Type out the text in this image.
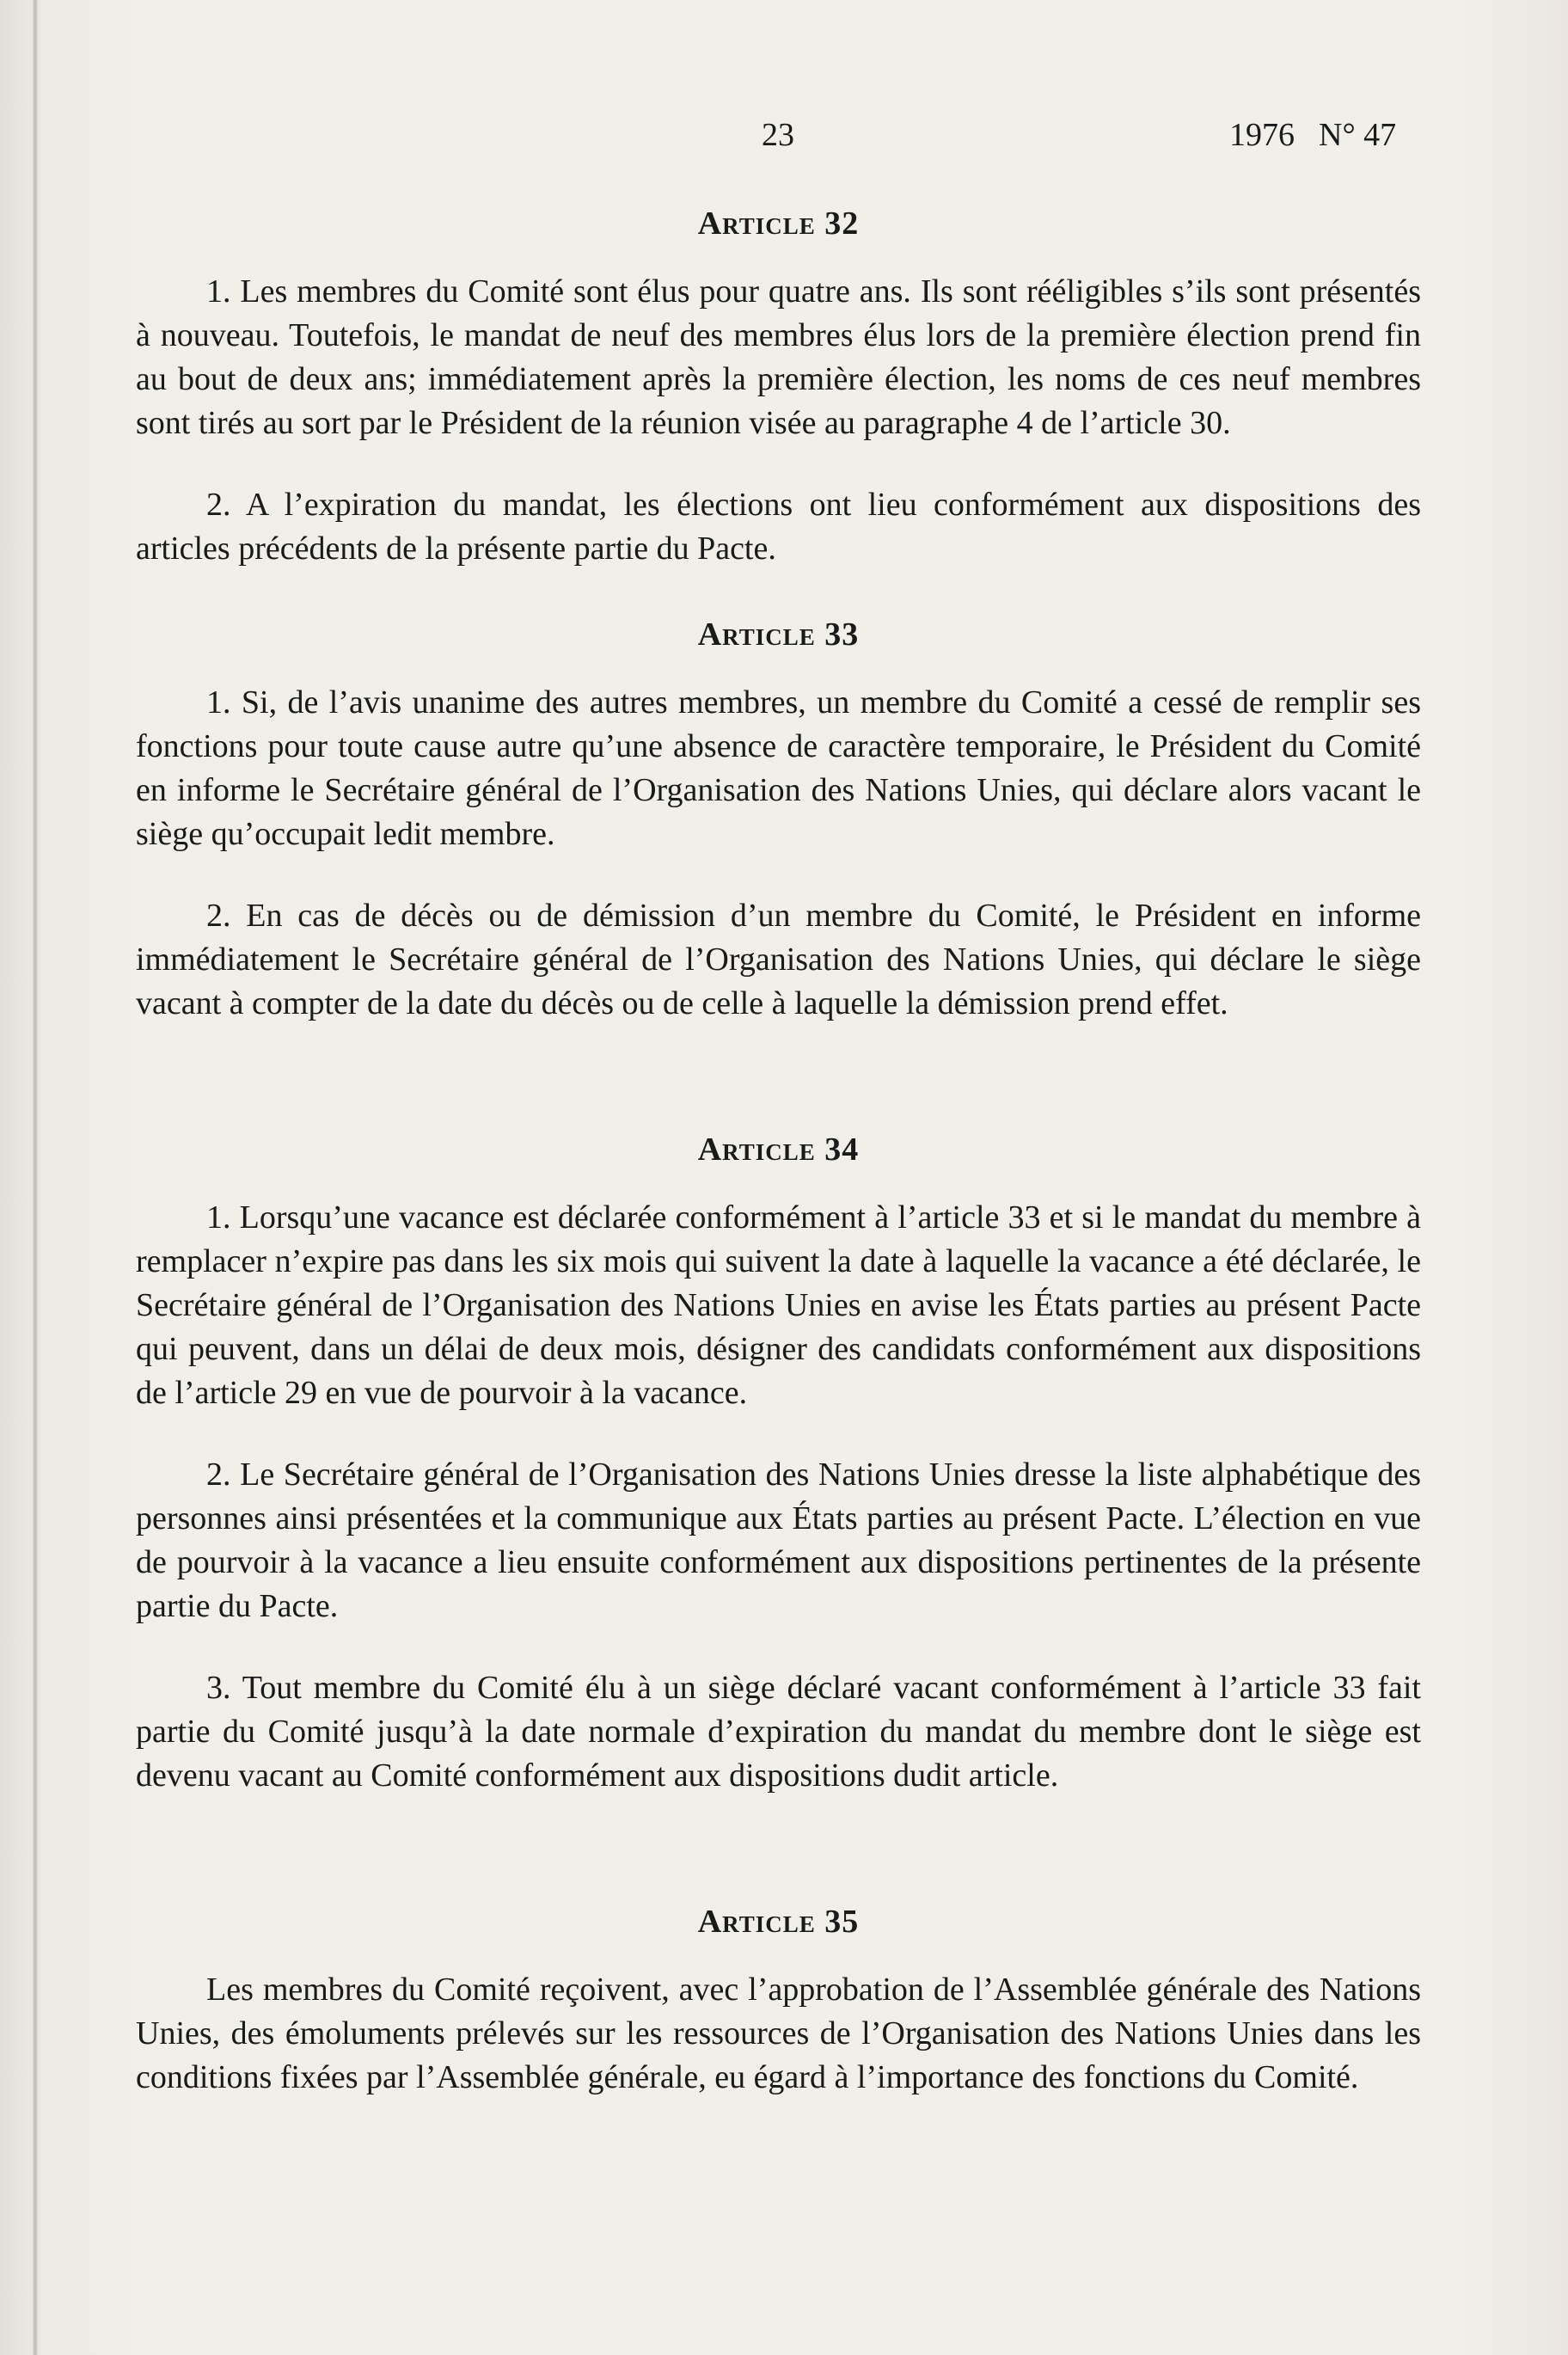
23	1976 N° 47
Article 32

1. Les membres du Comité sont élus pour quatre ans. Ils sont rééligibles s’ils sont présentés à nouveau. Toutefois, le mandat de neuf des membres élus lors de la première élection prend fin au bout de deux ans; immédiatement après la première élection, les noms de ces neuf membres sont tirés au sort par le Président de la réunion visée au paragraphe 4 de l’article 30.

2. A l’expiration du mandat, les élections ont lieu conformément aux dispositions des articles précédents de la présente partie du Pacte.

Article 33

1. Si, de l’avis unanime des autres membres, un membre du Comité a cessé de remplir ses fonctions pour toute cause autre qu’une absence de caractère temporaire, le Président du Comité en informe le Secrétaire général de l’Organisation des Nations Unies, qui déclare alors vacant le siège qu’occupait ledit membre.

2. En cas de décès ou de démission d’un membre du Comité, le Président en informe immédiatement le Secrétaire général de l’Organisation des Nations Unies, qui déclare le siège vacant à compter de la date du décès ou de celle à laquelle la démission prend effet.

Article 34

1. Lorsqu’une vacance est déclarée conformément à l’article 33 et si le mandat du membre à remplacer n’expire pas dans les six mois qui suivent la date à laquelle la vacance a été déclarée, le Secrétaire général de l’Organisation des Nations Unies en avise les États parties au présent Pacte qui peuvent, dans un délai de deux mois, désigner des candidats conformément aux dispositions de l’article 29 en vue de pourvoir à la vacance.

2. Le Secrétaire général de l’Organisation des Nations Unies dresse la liste alphabétique des personnes ainsi présentées et la communique aux États parties au présent Pacte. L’élection en vue de pourvoir à la vacance a lieu ensuite conformément aux dispositions pertinentes de la présente partie du Pacte.

3. Tout membre du Comité élu à un siège déclaré vacant conformément à l’article 33 fait partie du Comité jusqu’à la date normale d’expiration du mandat du membre dont le siège est devenu vacant au Comité conformément aux dispositions dudit article.

Article 35

Les membres du Comité reçoivent, avec l’approbation de l’Assemblée générale des Nations Unies, des émoluments prélevés sur les ressources de l’Organisation des Nations Unies dans les conditions fixées par l’Assemblée générale, eu égard à l’importance des fonctions du Comité.
